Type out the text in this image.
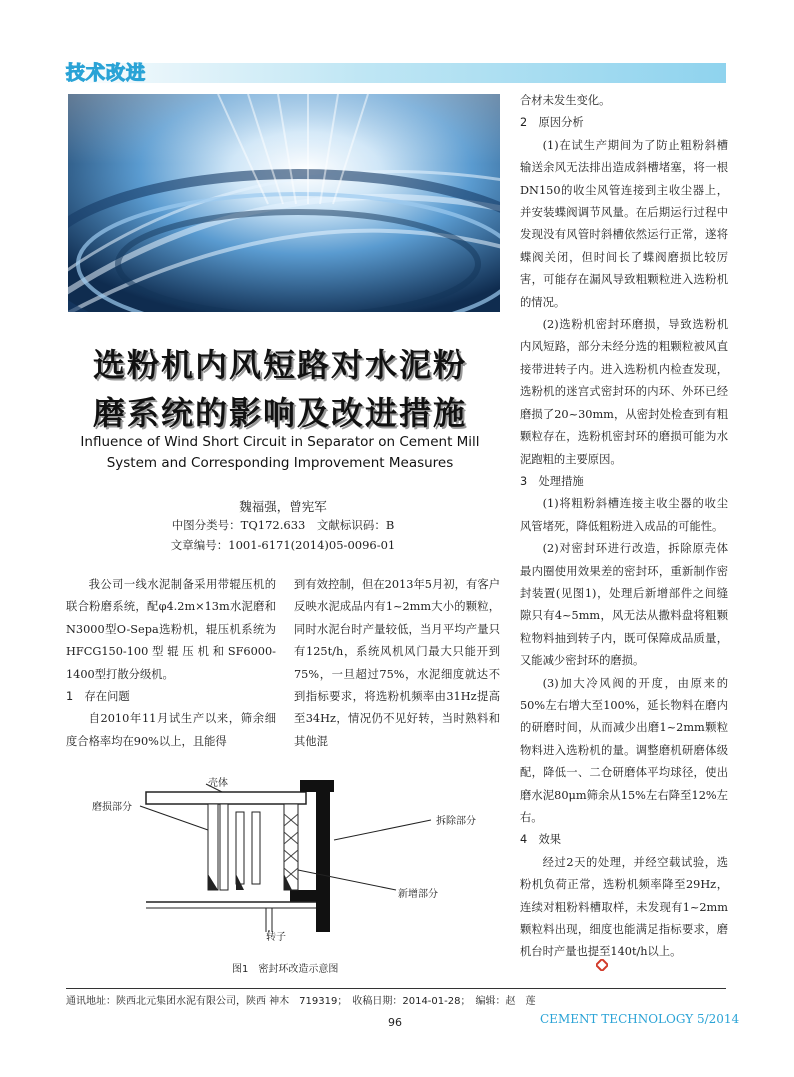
技术改进
选粉机内风短路对水泥粉
磨系统的影响及改进措施
Influence of Wind Short Circuit in Separator on Cement Mill
System and Corresponding Improvement Measures
魏福强，曾宪军
中图分类号：TQ172.633　文献标识码：B
文章编号：1001-6171(2014)05-0096-01

我公司一线水泥制备采用带辊压机的联合粉磨系统，配φ4.2m×13m水泥磨和N3000型O-Sepa选粉机，辊压机系统为HFCG150-100型辊压机和SF6000-1400型打散分级机。

1　存在问题

自2010年11月试生产以来，筛余细度合格率均在90%以上，且能得

到有效控制，但在2013年5月初，有客户反映水泥成品内有1~2mm大小的颗粒，同时水泥台时产量较低，当月平均产量只有125t/h，系统风机风门最大只能开到75%，一旦超过75%，水泥细度就达不到指标要求，将选粉机频率由31Hz提高至34Hz，情况仍不见好转，当时熟料和其他混

合材未发生变化。

2　原因分析

(1)在试生产期间为了防止粗粉斜槽输送余风无法排出造成斜槽堵塞，将一根DN150的收尘风管连接到主收尘器上，并安装蝶阀调节风量。在后期运行过程中发现没有风管时斜槽依然运行正常，遂将蝶阀关闭，但时间长了蝶阀磨损比较厉害，可能存在漏风导致粗颗粒进入选粉机的情况。

(2)选粉机密封环磨损，导致选粉机内风短路，部分未经分选的粗颗粒被风直接带进转子内。进入选粉机内检查发现，选粉机的迷宫式密封环的内环、外环已经磨损了20~30mm，从密封处检查到有粗颗粒存在，选粉机密封环的磨损可能为水泥跑粗的主要原因。

3　处理措施

(1)将粗粉斜槽连接主收尘器的收尘风管堵死，降低粗粉进入成品的可能性。

(2)对密封环进行改造，拆除原壳体最内圈使用效果差的密封环，重新制作密封装置(见图1)，处理后新增部件之间缝隙只有4~5mm，风无法从撒料盘将粗颗粒物料抽到转子内，既可保障成品质量，又能减少密封环的磨损。

(3)加大冷风阀的开度，由原来的50%左右增大至100%，延长物料在磨内的研磨时间，从而减少出磨1~2mm颗粒物料进入选粉机的量。调整磨机研磨体级配，降低一、二仓研磨体平均球径，使出磨水泥80μm筛余从15%左右降至12%左右。

4　效果

经过2天的处理，并经空载试验，选粉机负荷正常，选粉机频率降至29Hz，连续对粗粉料槽取样，未发现有1~2mm颗粒料出现，细度也能满足指标要求，磨机台时产量也提至140t/h以上。

壳体
磨损部分
拆除部分
新增部分
转子
图1　密封环改造示意图
通讯地址：陕西北元集团水泥有限公司，陕西 神木　719319；　收稿日期：2014-01-28；　编辑：赵　莲
96	CEMENT TECHNOLOGY 5/2014
